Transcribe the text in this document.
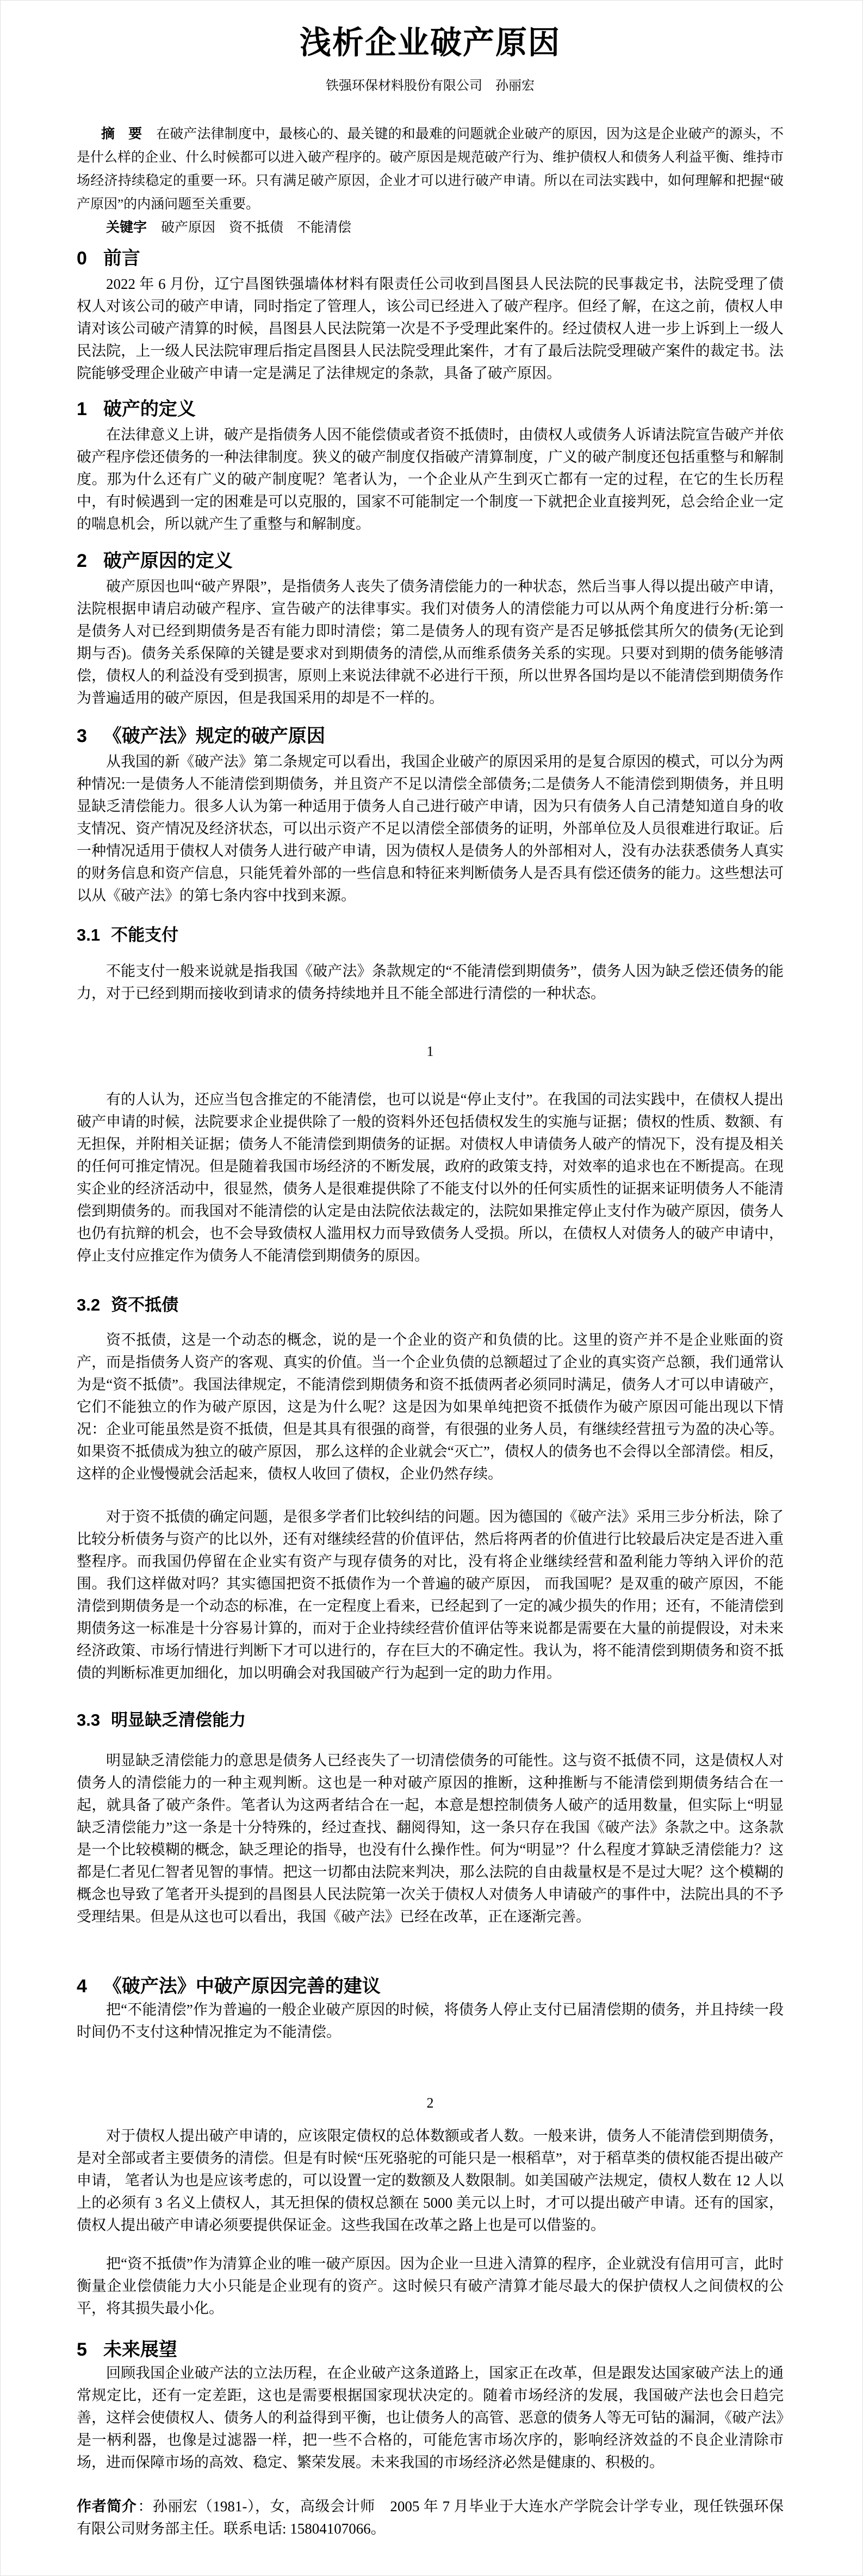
浅析企业破产原因
铁强环保材料股份有限公司　孙丽宏

摘　要 在破产法律制度中，最核心的、最关键的和最难的问题就企业破产的原因，因为这是企业破产的源头，不是什么样的企业、什么时候都可以进入破产程序的。破产原因是规范破产行为、维护债权人和债务人利益平衡、维持市场经济持续稳定的重要一环。只有满足破产原因，企业才可以进行破产申请。所以在司法实践中，如何理解和把握“破产原因”的内涵问题至关重要。

关键字 破产原因　资不抵债　不能清偿

0 前言

2022 年 6 月份，辽宁昌图铁强墙体材料有限责任公司收到昌图县人民法院的民事裁定书，法院受理了债权人对该公司的破产申请，同时指定了管理人，该公司已经进入了破产程序。但经了解，在这之前，债权人申请对该公司破产清算的时候，昌图县人民法院第一次是不予受理此案件的。经过债权人进一步上诉到上一级人民法院，上一级人民法院审理后指定昌图县人民法院受理此案件，才有了最后法院受理破产案件的裁定书。法院能够受理企业破产申请一定是满足了法律规定的条款，具备了破产原因。

1 破产的定义

在法律意义上讲，破产是指债务人因不能偿债或者资不抵债时，由债权人或债务人诉请法院宣告破产并依破产程序偿还债务的一种法律制度。狭义的破产制度仅指破产清算制度，广义的破产制度还包括重整与和解制度。那为什么还有广义的破产制度呢？笔者认为，一个企业从产生到灭亡都有一定的过程，在它的生长历程中，有时候遇到一定的困难是可以克服的，国家不可能制定一个制度一下就把企业直接判死，总会给企业一定的喘息机会，所以就产生了重整与和解制度。

2 破产原因的定义

破产原因也叫“破产界限”，是指债务人丧失了债务清偿能力的一种状态，然后当事人得以提出破产申请，法院根据申请启动破产程序、宣告破产的法律事实。我们对债务人的清偿能力可以从两个角度进行分析:第一是债务人对已经到期债务是否有能力即时清偿；第二是债务人的现有资产是否足够抵偿其所欠的债务(无论到期与否)。债务关系保障的关键是要求对到期债务的清偿,从而维系债务关系的实现。只要对到期的债务能够清偿，债权人的利益没有受到损害，原则上来说法律就不必进行干预，所以世界各国均是以不能清偿到期债务作为普遍适用的破产原因，但是我国采用的却是不一样的。

3 《破产法》规定的破产原因

从我国的新《破产法》第二条规定可以看出，我国企业破产的原因采用的是复合原因的模式，可以分为两种情况:一是债务人不能清偿到期债务，并且资产不足以清偿全部债务;二是债务人不能清偿到期债务，并且明显缺乏清偿能力。很多人认为第一种适用于债务人自己进行破产申请，因为只有债务人自己清楚知道自身的收支情况、资产情况及经济状态，可以出示资产不足以清偿全部债务的证明，外部单位及人员很难进行取证。后一种情况适用于债权人对债务人进行破产申请，因为债权人是债务人的外部相对人，没有办法获悉债务人真实的财务信息和资产信息，只能凭着外部的一些信息和特征来判断债务人是否具有偿还债务的能力。这些想法可以从《破产法》的第七条内容中找到来源。

3.1 不能支付

不能支付一般来说就是指我国《破产法》条款规定的“不能清偿到期债务”，债务人因为缺乏偿还债务的能力，对于已经到期而接收到请求的债务持续地并且不能全部进行清偿的一种状态。

1

有的人认为，还应当包含推定的不能清偿，也可以说是“停止支付”。在我国的司法实践中，在债权人提出破产申请的时候，法院要求企业提供除了一般的资料外还包括债权发生的实施与证据；债权的性质、数额、有无担保，并附相关证据；债务人不能清偿到期债务的证据。对债权人申请债务人破产的情况下，没有提及相关的任何可推定情况。但是随着我国市场经济的不断发展，政府的政策支持，对效率的追求也在不断提高。在现实企业的经济活动中，很显然，债务人是很难提供除了不能支付以外的任何实质性的证据来证明债务人不能清偿到期债务的。而我国对不能清偿的认定是由法院依法裁定的，法院如果推定停止支付作为破产原因，债务人也仍有抗辩的机会，也不会导致债权人滥用权力而导致债务人受损。所以，在债权人对债务人的破产申请中，停止支付应推定作为债务人不能清偿到期债务的原因。

3.2 资不抵债

资不抵债，这是一个动态的概念，说的是一个企业的资产和负债的比。这里的资产并不是企业账面的资产，而是指债务人资产的客观、真实的价值。当一个企业负债的总额超过了企业的真实资产总额，我们通常认为是“资不抵债”。我国法律规定，不能清偿到期债务和资不抵债两者必须同时满足，债务人才可以申请破产，它们不能独立的作为破产原因，这是为什么呢？这是因为如果单纯把资不抵债作为破产原因可能出现以下情况：企业可能虽然是资不抵债，但是其具有很强的商誉，有很强的业务人员，有继续经营扭亏为盈的决心等。如果资不抵债成为独立的破产原因， 那么这样的企业就会“灭亡”，债权人的债务也不会得以全部清偿。相反，这样的企业慢慢就会活起来，债权人收回了债权，企业仍然存续。

对于资不抵债的确定问题，是很多学者们比较纠结的问题。因为德国的《破产法》采用三步分析法，除了比较分析债务与资产的比以外，还有对继续经营的价值评估，然后将两者的价值进行比较最后决定是否进入重整程序。而我国仍停留在企业实有资产与现存债务的对比，没有将企业继续经营和盈利能力等纳入评价的范围。我们这样做对吗？其实德国把资不抵债作为一个普遍的破产原因， 而我国呢？是双重的破产原因，不能清偿到期债务是一个动态的标准，在一定程度上看来，已经起到了一定的减少损失的作用；还有，不能清偿到期债务这一标准是十分容易计算的，而对于企业持续经营价值评估等来说都是需要在大量的前提假设，对未来经济政策、市场行情进行判断下才可以进行的，存在巨大的不确定性。我认为，将不能清偿到期债务和资不抵债的判断标准更加细化，加以明确会对我国破产行为起到一定的助力作用。

3.3 明显缺乏清偿能力

明显缺乏清偿能力的意思是债务人已经丧失了一切清偿债务的可能性。这与资不抵债不同，这是债权人对债务人的清偿能力的一种主观判断。这也是一种对破产原因的推断，这种推断与不能清偿到期债务结合在一起，就具备了破产条件。笔者认为这两者结合在一起，本意是想控制债务人破产的适用数量，但实际上“明显缺乏清偿能力”这一条是十分特殊的，经过查找、翻阅得知，这一条只存在我国《破产法》条款之中。这条款是一个比较模糊的概念，缺乏理论的指导，也没有什么操作性。何为“明显”？什么程度才算缺乏清偿能力？这都是仁者见仁智者见智的事情。把这一切都由法院来判决，那么法院的自由裁量权是不是过大呢？这个模糊的概念也导致了笔者开头提到的昌图县人民法院第一次关于债权人对债务人申请破产的事件中，法院出具的不予受理结果。但是从这也可以看出，我国《破产法》已经在改革，正在逐渐完善。

4 《破产法》中破产原因完善的建议

把“不能清偿”作为普遍的一般企业破产原因的时候，将债务人停止支付已届清偿期的债务，并且持续一段时间仍不支付这种情况推定为不能清偿。

2

对于债权人提出破产申请的，应该限定债权的总体数额或者人数。一般来讲，债务人不能清偿到期债务，是对全部或者主要债务的清偿。但是有时候“压死骆驼的可能只是一根稻草”，对于稻草类的债权能否提出破产申请， 笔者认为也是应该考虑的，可以设置一定的数额及人数限制。如美国破产法规定，债权人数在 12 人以上的必须有 3 名义上债权人，其无担保的债权总额在 5000 美元以上时，才可以提出破产申请。还有的国家，债权人提出破产申请必须要提供保证金。这些我国在改革之路上也是可以借鉴的。

把“资不抵债”作为清算企业的唯一破产原因。因为企业一旦进入清算的程序，企业就没有信用可言，此时衡量企业偿债能力大小只能是企业现有的资产。这时候只有破产清算才能尽最大的保护债权人之间债权的公平，将其损失最小化。

5 未来展望

回顾我国企业破产法的立法历程，在企业破产这条道路上，国家正在改革，但是跟发达国家破产法上的通常规定比，还有一定差距，这也是需要根据国家现状决定的。随着市场经济的发展，我国破产法也会日趋完善，这样会使债权人、债务人的利益得到平衡，也让债务人的高管、恶意的债务人等无可钻的漏洞，《破产法》是一柄利器，也像是过滤器一样，把一些不合格的，可能危害市场次序的，影响经济效益的不良企业清除市场，进而保障市场的高效、稳定、繁荣发展。未来我国的市场经济必然是健康的、积极的。

作者简介：孙丽宏（1981-），女，高级会计师　2005 年 7 月毕业于大连水产学院会计学专业，现任铁强环保有限公司财务部主任。联系电话: 15804107066。
